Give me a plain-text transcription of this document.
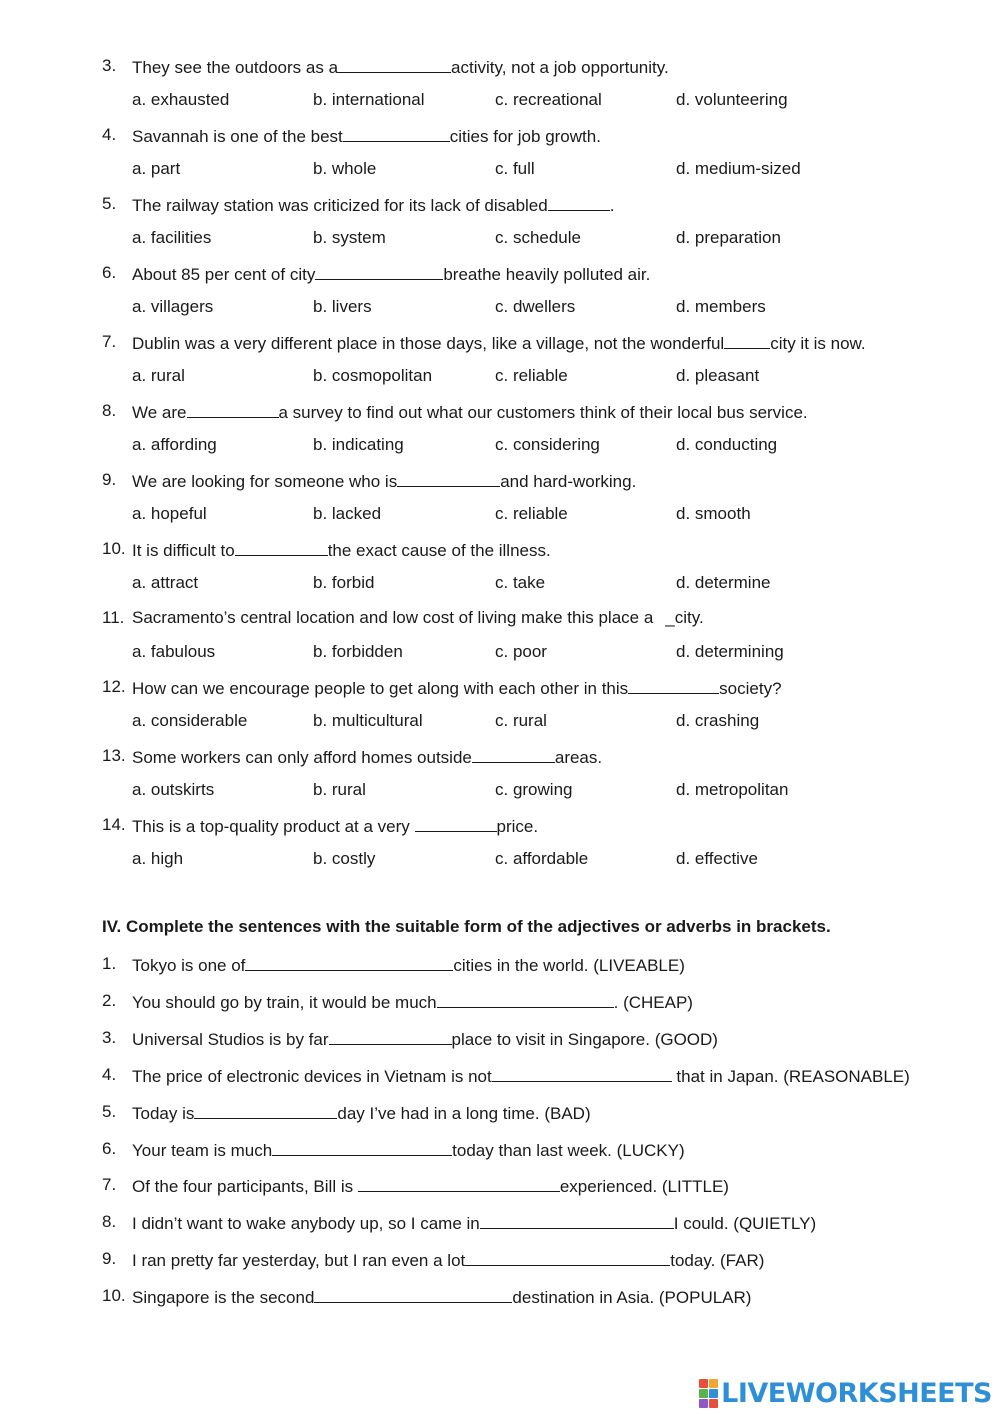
3. They see the outdoors as a	activity, not a job opportunity.
a. exhausted	b. international	c. recreational	d. volunteering
4. Savannah is one of the best	cities for job growth.
a. part	b. whole	c. full	d. medium-sized
5. The railway station was criticized for its lack of disabled	.
a. facilities	b. system	c. schedule	d. preparation
6. About 85 per cent of city	breathe heavily polluted air.
a. villagers	b. livers	c. dwellers	d. members
7. Dublin was a very different place in those days, like a village, not the wonderful	city it is now.
a. rural	b. cosmopolitan	c. reliable	d. pleasant
8. We are	a survey to find out what our customers think of their local bus service.
a. affording	b. indicating	c. considering	d. conducting
9. We are looking for someone who is	and hard-working.
a. hopeful	b. lacked	c. reliable	d. smooth
10. It is difficult to	the exact cause of the illness.
a. attract	b. forbid	c. take	d. determine
11. Sacramento’s central location and low cost of living make this place a _city.
a. fabulous	b. forbidden	c. poor	d. determining
12. How can we encourage people to get along with each other in this	society?
a. considerable	b. multicultural	c. rural	d. crashing
13. Some workers can only afford homes outside	areas.
a. outskirts	b. rural	c. growing	d. metropolitan
14. This is a top-quality product at a very	price.
a. high	b. costly	c. affordable	d. effective
IV. Complete the sentences with the suitable form of the adjectives or adverbs in brackets.
1. Tokyo is one of	cities in the world. (LIVEABLE)
2. You should go by train, it would be much	. (CHEAP)
3. Universal Studios is by far	place to visit in Singapore. (GOOD)
4. The price of electronic devices in Vietnam is not	that in Japan. (REASONABLE)
5. Today is	day I’ve had in a long time. (BAD)
6. Your team is much	today than last week. (LUCKY)
7. Of the four participants, Bill is	experienced. (LITTLE)
8. I didn’t want to wake anybody up, so I came in	I could. (QUIETLY)
9. I ran pretty far yesterday, but I ran even a lot	today. (FAR)
10. Singapore is the second	destination in Asia. (POPULAR)
LIVEWORKSHEETS
